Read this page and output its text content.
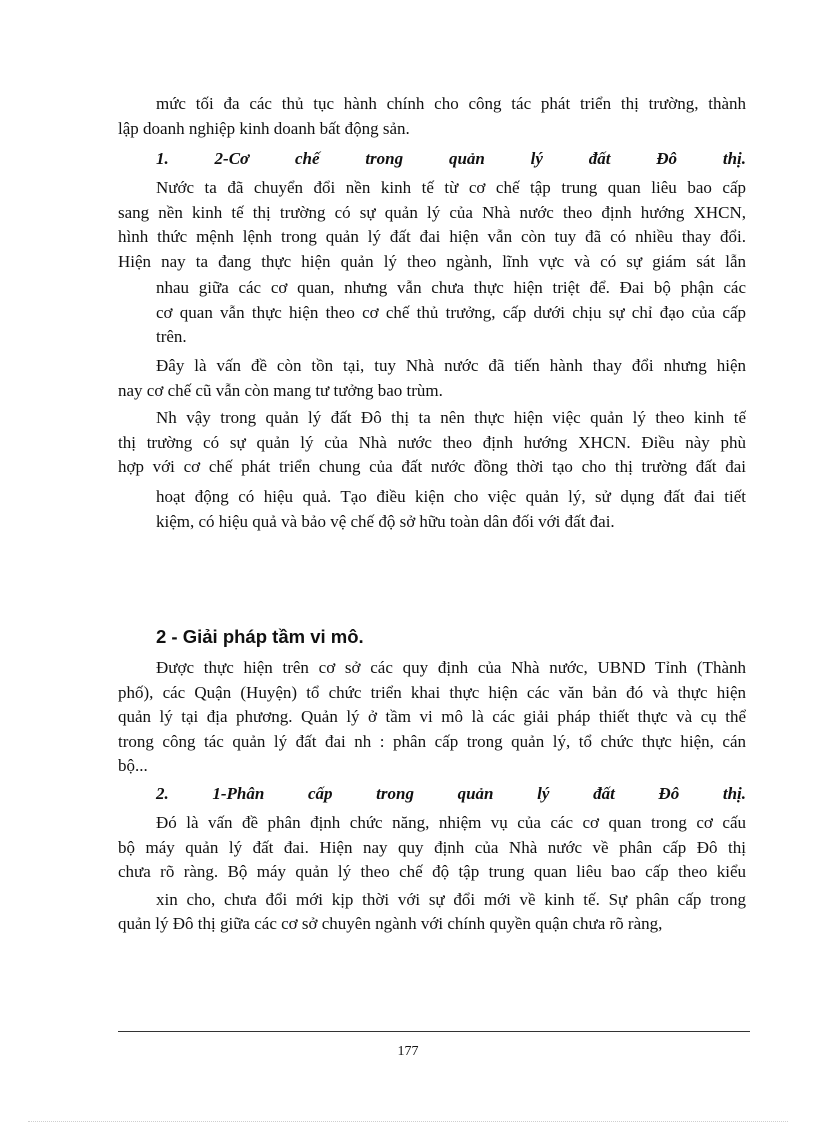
mức tối đa các thủ tục hành chính cho công tác phát triển thị trường, thành
lập doanh nghiệp kinh doanh bất động sản.
1. 2-Cơ chế trong quản lý đất Đô thị.
Nước ta đã chuyển đổi nền kinh tế từ cơ chế tập trung quan liêu bao cấp
sang nền kinh tế thị trường có sự quản lý của Nhà nước theo định hướng XHCN,
hình thức mệnh lệnh trong quản lý đất đai hiện vẫn còn tuy đã có nhiều thay đổi.
Hiện nay ta đang thực hiện quản lý theo ngành, lĩnh vực và có sự giám sát lẫn
nhau giữa các cơ quan, nhưng vẫn chưa thực hiện triệt để. Đai bộ phận các
cơ quan vẫn thực hiện theo cơ chế thủ trưởng, cấp dưới chịu sự chỉ đạo của cấp
trên.
Đây là vấn đề còn tồn tại, tuy Nhà nước đã tiến hành thay đổi nhưng hiện
nay cơ chế cũ vẫn còn mang tư tưởng bao trùm.
Nh vậy trong quản lý đất Đô thị ta nên thực hiện việc quản lý theo kinh tế
thị trường có sự quản lý của Nhà nước theo định hướng XHCN. Điều này phù
hợp với cơ chế phát triển chung của đất nước đồng thời tạo cho thị trường đất đai
hoạt động có hiệu quả. Tạo điều kiện cho việc quản lý, sử dụng đất đai tiết
kiệm, có hiệu quả và bảo vệ chế độ sở hữu toàn dân đối với đất đai.
2 - Giải pháp tầm vi mô.
Được thực hiện trên cơ sở các quy định của Nhà nước, UBND Tỉnh (Thành
phố), các Quận (Huyện) tổ chức triển khai thực hiện các văn bản đó và thực hiện
quản lý tại địa phương. Quản lý ở tầm vi mô là các giải pháp thiết thực và cụ thể
trong công tác quản lý đất đai nh : phân cấp trong quản lý, tổ chức thực hiện, cán
bộ...
2. 1-Phân cấp trong quản lý đất Đô thị.
Đó là vấn đề phân định chức năng, nhiệm vụ của các cơ quan trong cơ cấu
bộ máy quản lý đất đai. Hiện nay quy định của Nhà nước về phân cấp Đô thị
chưa rõ ràng. Bộ máy quản lý theo chế độ tập trung quan liêu bao cấp theo kiểu
xin cho, chưa đổi mới kịp thời với sự đổi mới về kinh tế. Sự phân cấp trong
quản lý Đô thị giữa các cơ sở chuyên ngành với chính quyền quận chưa rõ ràng,
177
